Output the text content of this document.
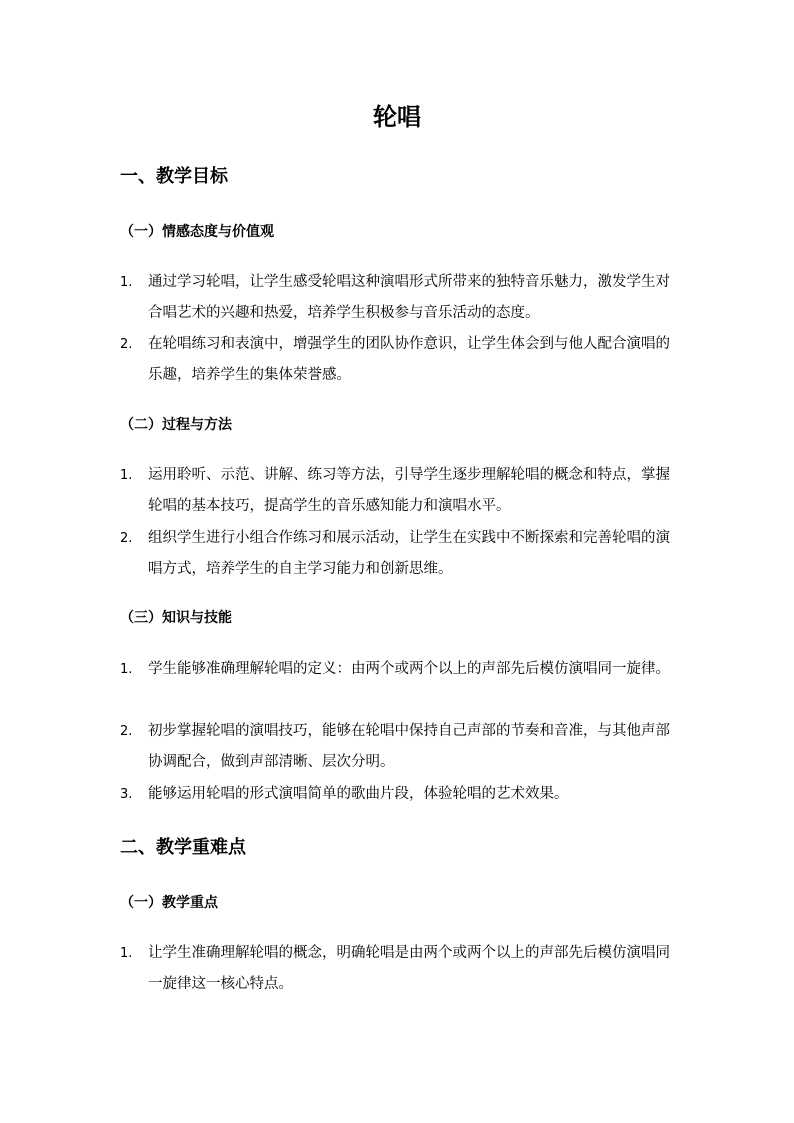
轮唱
一、教学目标
（一）情感态度与价值观
1.	通过学习轮唱，让学生感受轮唱这种演唱形式所带来的独特音乐魅力，激发学生对合唱艺术的兴趣和热爱，培养学生积极参与音乐活动的态度。
2.	在轮唱练习和表演中，增强学生的团队协作意识，让学生体会到与他人配合演唱的乐趣，培养学生的集体荣誉感。
（二）过程与方法
1.	运用聆听、示范、讲解、练习等方法，引导学生逐步理解轮唱的概念和特点，掌握轮唱的基本技巧，提高学生的音乐感知能力和演唱水平。
2.	组织学生进行小组合作练习和展示活动，让学生在实践中不断探索和完善轮唱的演唱方式，培养学生的自主学习能力和创新思维。
（三）知识与技能
1.	学生能够准确理解轮唱的定义：由两个或两个以上的声部先后模仿演唱同一旋律。
2.	初步掌握轮唱的演唱技巧，能够在轮唱中保持自己声部的节奏和音准，与其他声部协调配合，做到声部清晰、层次分明。
3.	能够运用轮唱的形式演唱简单的歌曲片段，体验轮唱的艺术效果。
二、教学重难点
（一）教学重点
1.	让学生准确理解轮唱的概念，明确轮唱是由两个或两个以上的声部先后模仿演唱同一旋律这一核心特点。
